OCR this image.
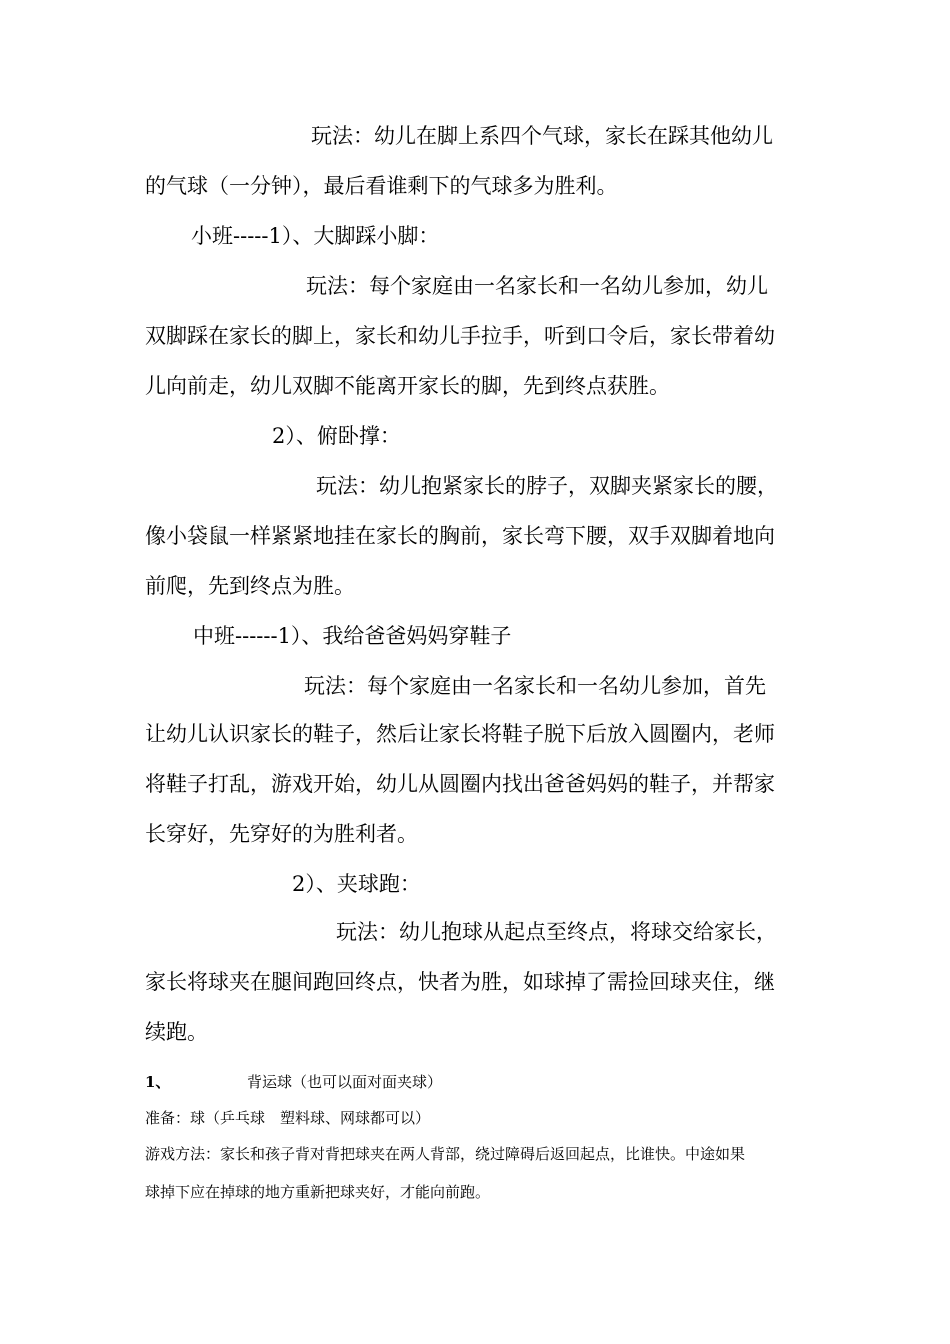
玩法：幼儿在脚上系四个气球，家长在踩其他幼儿
的气球（一分钟），最后看谁剩下的气球多为胜利。
小班-----1）、大脚踩小脚：
玩法：每个家庭由一名家长和一名幼儿参加，幼儿
双脚踩在家长的脚上，家长和幼儿手拉手，听到口令后，家长带着幼
儿向前走，幼儿双脚不能离开家长的脚，先到终点获胜。
2）、俯卧撑：
玩法：幼儿抱紧家长的脖子，双脚夹紧家长的腰，
像小袋鼠一样紧紧地挂在家长的胸前，家长弯下腰，双手双脚着地向
前爬，先到终点为胜。
中班------1）、我给爸爸妈妈穿鞋子
玩法：每个家庭由一名家长和一名幼儿参加，首先
让幼儿认识家长的鞋子，然后让家长将鞋子脱下后放入圆圈内，老师
将鞋子打乱，游戏开始，幼儿从圆圈内找出爸爸妈妈的鞋子，并帮家
长穿好，先穿好的为胜利者。
2）、夹球跑：
玩法：幼儿抱球从起点至终点，将球交给家长，
家长将球夹在腿间跑回终点，快者为胜，如球掉了需捡回球夹住，继
续跑。
1、	背运球（也可以面对面夹球）
准备：球（乒乓球　塑料球、网球都可以）
游戏方法：家长和孩子背对背把球夹在两人背部，绕过障碍后返回起点，比谁快。中途如果
球掉下应在掉球的地方重新把球夹好，才能向前跑。
